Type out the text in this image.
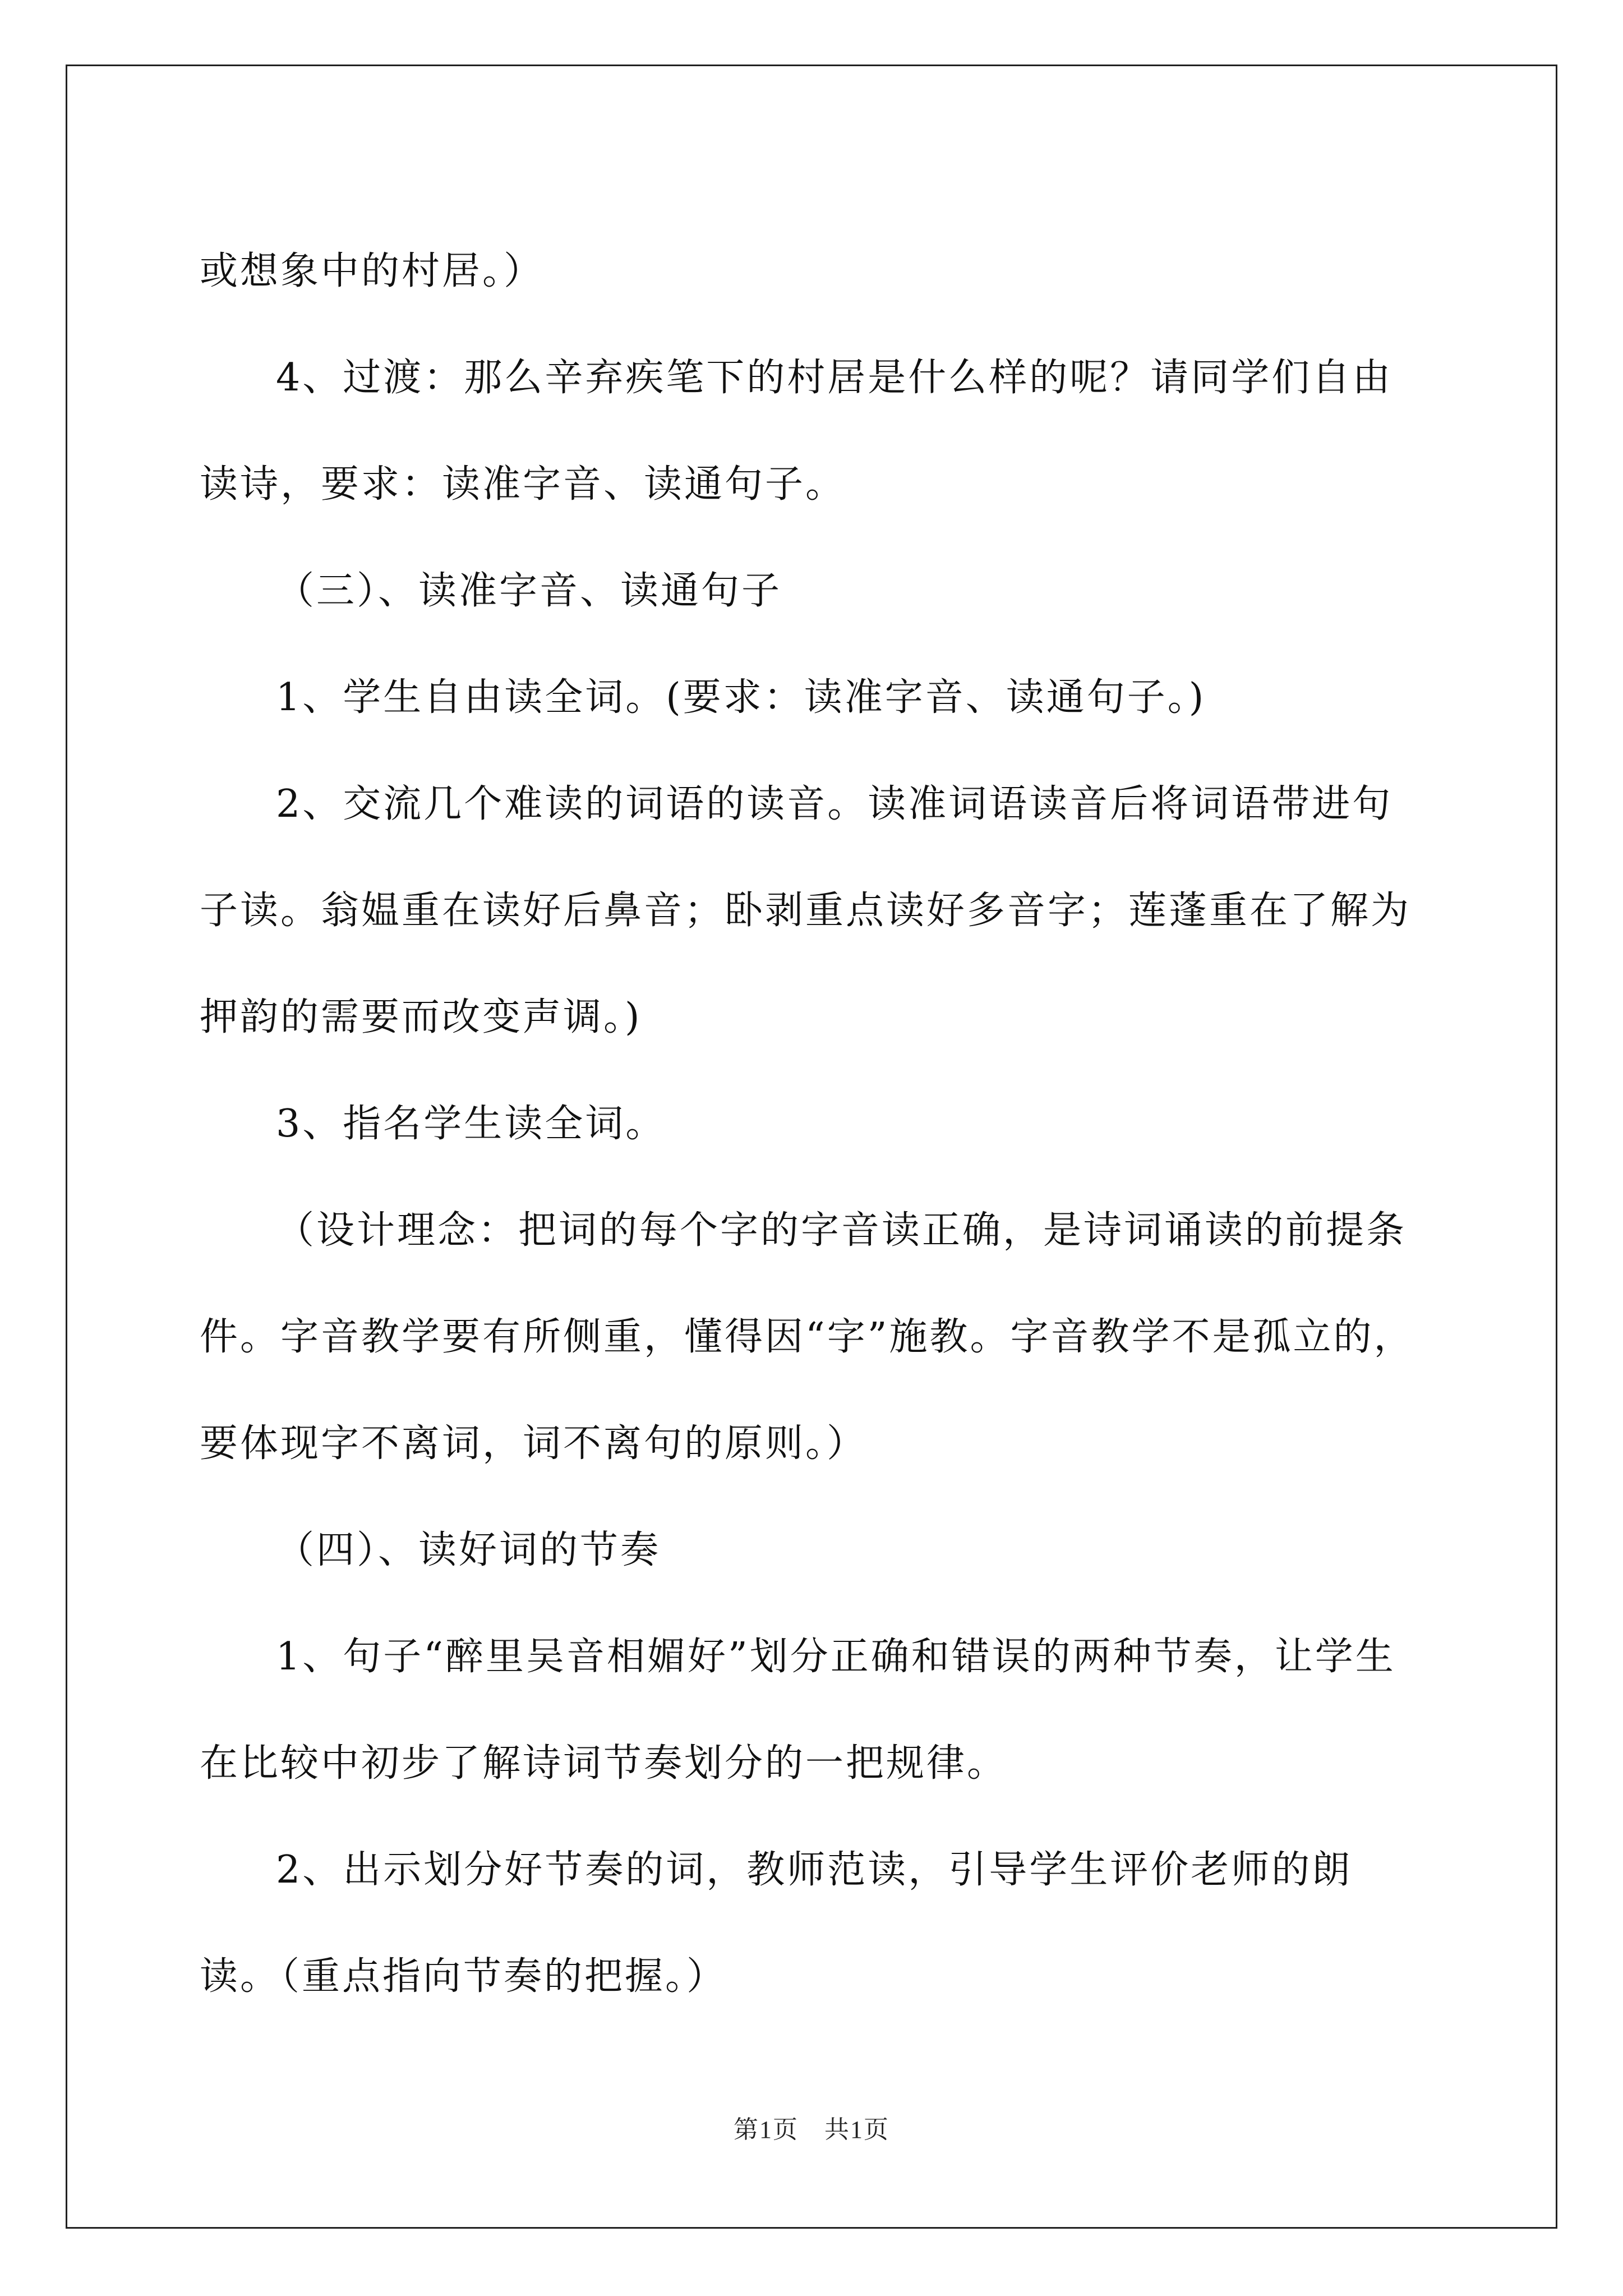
或想象中的村居。）

4、过渡：那么辛弃疾笔下的村居是什么样的呢？请同学们自由读诗，要求：读准字音、读通句子。

（三）、读准字音、读通句子

1、学生自由读全词。(要求：读准字音、读通句子。)

2、交流几个难读的词语的读音。读准词语读音后将词语带进句子读。翁媪重在读好后鼻音；卧剥重点读好多音字；莲蓬重在了解为押韵的需要而改变声调。)

3、指名学生读全词。

（设计理念：把词的每个字的字音读正确，是诗词诵读的前提条件。字音教学要有所侧重，懂得因“字”施教。字音教学不是孤立的，要体现字不离词，词不离句的原则。）

（四）、读好词的节奏

1、句子“醉里吴音相媚好”划分正确和错误的两种节奏，让学生在比较中初步了解诗词节奏划分的一把规律。

2、出示划分好节奏的词，教师范读，引导学生评价老师的朗读。（重点指向节奏的把握。）

第1页　共1页
